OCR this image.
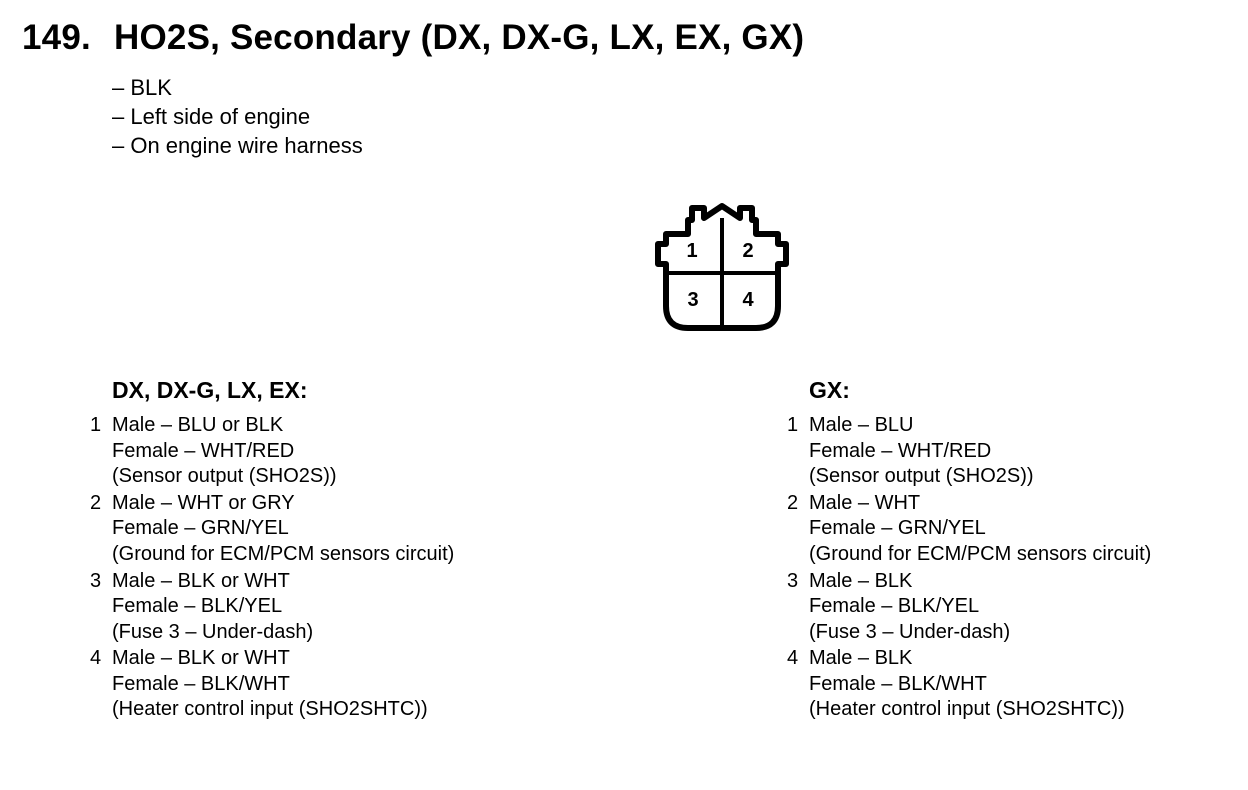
149. HO2S, Secondary (DX, DX-G, LX, EX, GX)
– BLK
– Left side of engine
– On engine wire harness
1 2
3 4
DX, DX-G, LX, EX:
1 Male – BLU or BLK
Female – WHT/RED
(Sensor output (SHO2S))
2 Male – WHT or GRY
Female – GRN/YEL
(Ground for ECM/PCM sensors circuit)
3 Male – BLK or WHT
Female – BLK/YEL
(Fuse 3 – Under-dash)
4 Male – BLK or WHT
Female – BLK/WHT
(Heater control input (SHO2SHTC))
GX:
1 Male – BLU
Female – WHT/RED
(Sensor output (SHO2S))
2 Male – WHT
Female – GRN/YEL
(Ground for ECM/PCM sensors circuit)
3 Male – BLK
Female – BLK/YEL
(Fuse 3 – Under-dash)
4 Male – BLK
Female – BLK/WHT
(Heater control input (SHO2SHTC))
